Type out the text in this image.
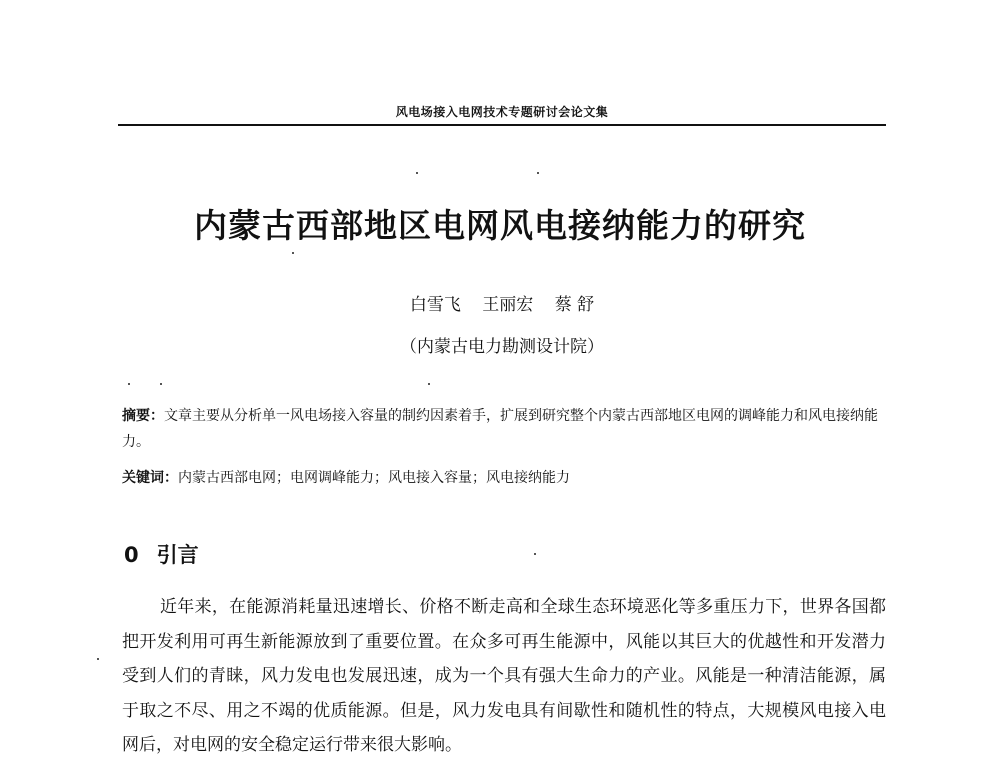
风电场接入电网技术专题研讨会论文集
内蒙古西部地区电网风电接纳能力的研究
白雪飞 王丽宏 蔡 舒
（内蒙古电力勘测设计院）

摘要：文章主要从分析单一风电场接入容量的制约因素着手，扩展到研究整个内蒙古西部地区电网的调峰能力和风电接纳能力。

关键词：内蒙古西部电网；电网调峰能力；风电接入容量；风电接纳能力

0 引言

近年来，在能源消耗量迅速增长、价格不断走高和全球生态环境恶化等多重压力下，世界各国都把开发利用可再生新能源放到了重要位置。在众多可再生能源中，风能以其巨大的优越性和开发潜力受到人们的青睐，风力发电也发展迅速，成为一个具有强大生命力的产业。风能是一种清洁能源，属于取之不尽、用之不竭的优质能源。但是，风力发电具有间歇性和随机性的特点，大规模风电接入电网后，对电网的安全稳定运行带来很大影响。
